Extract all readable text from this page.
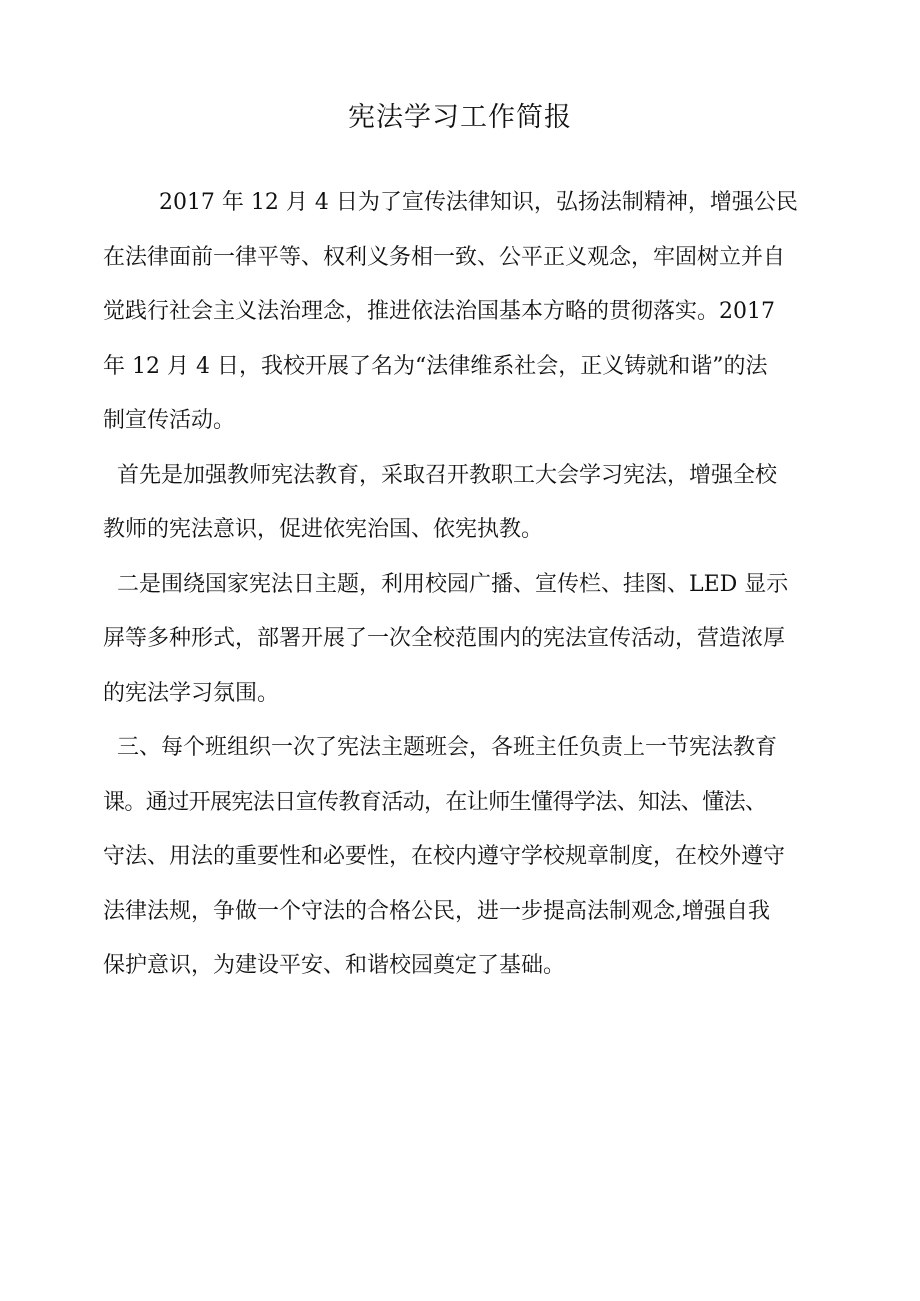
宪法学习工作简报
2017 年 12 月 4 日为了宣传法律知识，弘扬法制精神，增强公民
在法律面前一律平等、权利义务相一致、公平正义观念，牢固树立并自
觉践行社会主义法治理念，推进依法治国基本方略的贯彻落实。2017
年 12 月 4 日，我校开展了名为“法律维系社会，正义铸就和谐”的法
制宣传活动。
首先是加强教师宪法教育，采取召开教职工大会学习宪法，增强全校
教师的宪法意识，促进依宪治国、依宪执教。
二是围绕国家宪法日主题，利用校园广播、宣传栏、挂图、LED 显示
屏等多种形式，部署开展了一次全校范围内的宪法宣传活动，营造浓厚
的宪法学习氛围。
三、每个班组织一次了宪法主题班会，各班主任负责上一节宪法教育
课。通过开展宪法日宣传教育活动，在让师生懂得学法、知法、懂法、
守法、用法的重要性和必要性，在校内遵守学校规章制度，在校外遵守
法律法规，争做一个守法的合格公民，进一步提高法制观念,增强自我
保护意识，为建设平安、和谐校园奠定了基础。
